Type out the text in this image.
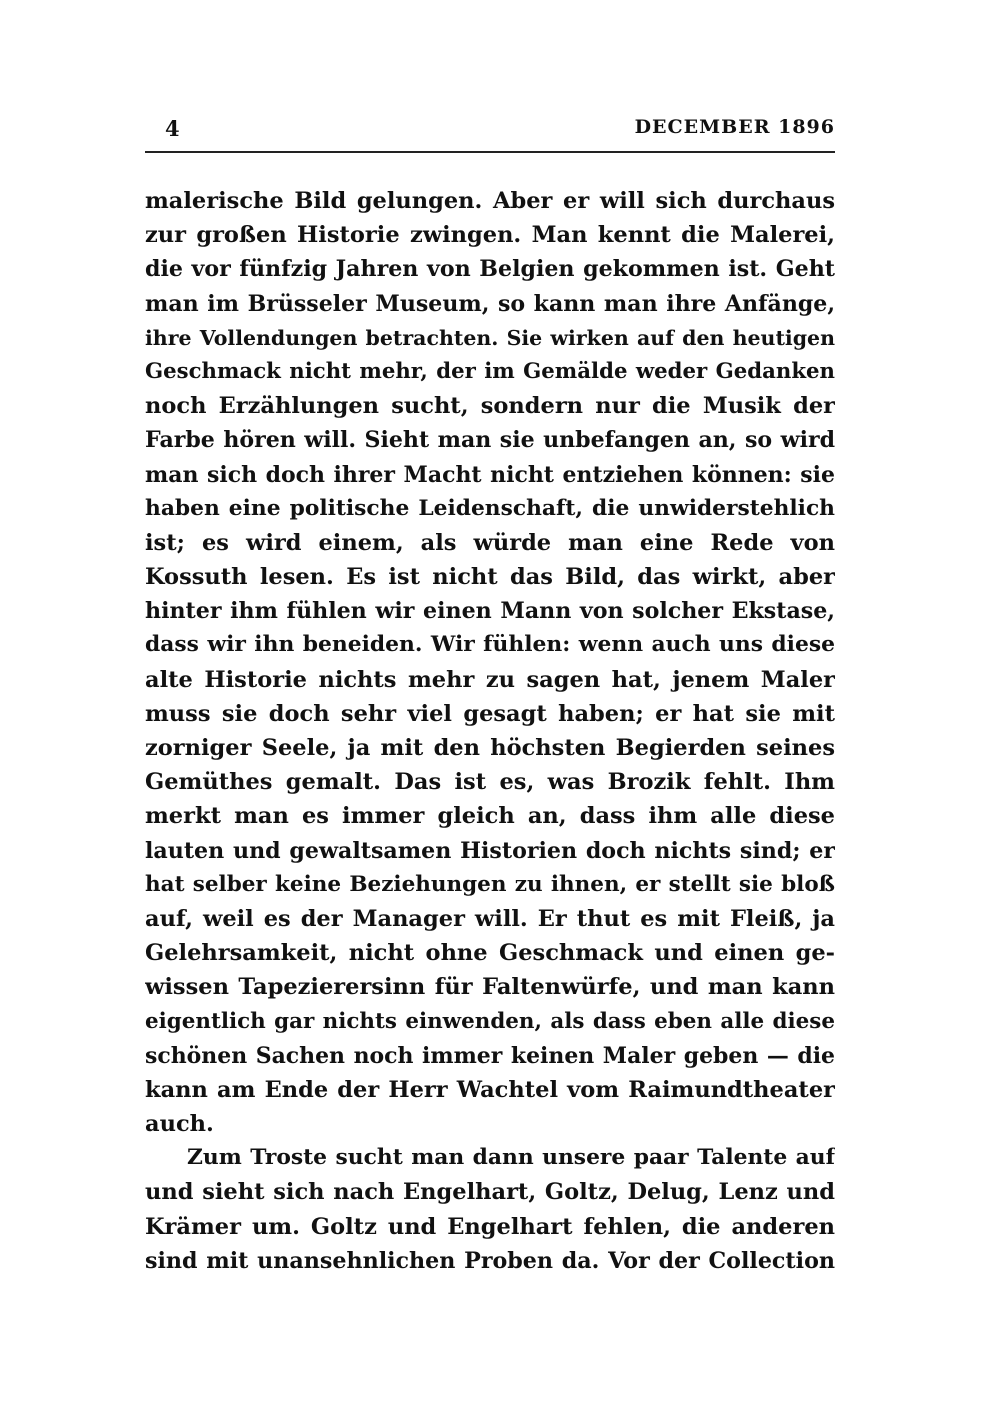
4	DECEMBER 1896
malerische Bild gelungen. Aber er will sich durchaus
zur großen Historie zwingen. Man kennt die Malerei,
die vor fünfzig Jahren von Belgien gekommen ist. Geht
man im Brüsseler Museum, so kann man ihre Anfänge,
ihre Vollendungen betrachten. Sie wirken auf den heutigen
Geschmack nicht mehr, der im Gemälde weder Gedanken
noch Erzählungen sucht, sondern nur die Musik der
Farbe hören will. Sieht man sie unbefangen an, so wird
man sich doch ihrer Macht nicht entziehen können: sie
haben eine politische Leidenschaft, die unwiderstehlich
ist; es wird einem, als würde man eine Rede von
Kossuth lesen. Es ist nicht das Bild, das wirkt, aber
hinter ihm fühlen wir einen Mann von solcher Ekstase,
dass wir ihn beneiden. Wir fühlen: wenn auch uns diese
alte Historie nichts mehr zu sagen hat, jenem Maler
muss sie doch sehr viel gesagt haben; er hat sie mit
zorniger Seele, ja mit den höchsten Begierden seines
Gemüthes gemalt. Das ist es, was Brozik fehlt. Ihm
merkt man es immer gleich an, dass ihm alle diese
lauten und gewaltsamen Historien doch nichts sind; er
hat selber keine Beziehungen zu ihnen, er stellt sie bloß
auf, weil es der Manager will. Er thut es mit Fleiß, ja
Gelehrsamkeit, nicht ohne Geschmack und einen ge-
wissen Tapezierersinn für Faltenwürfe, und man kann
eigentlich gar nichts einwenden, als dass eben alle diese
schönen Sachen noch immer keinen Maler geben — die
kann am Ende der Herr Wachtel vom Raimundtheater
auch.
Zum Troste sucht man dann unsere paar Talente auf
und sieht sich nach Engelhart, Goltz, Delug, Lenz und
Krämer um. Goltz und Engelhart fehlen, die anderen
sind mit unansehnlichen Proben da. Vor der Collection
